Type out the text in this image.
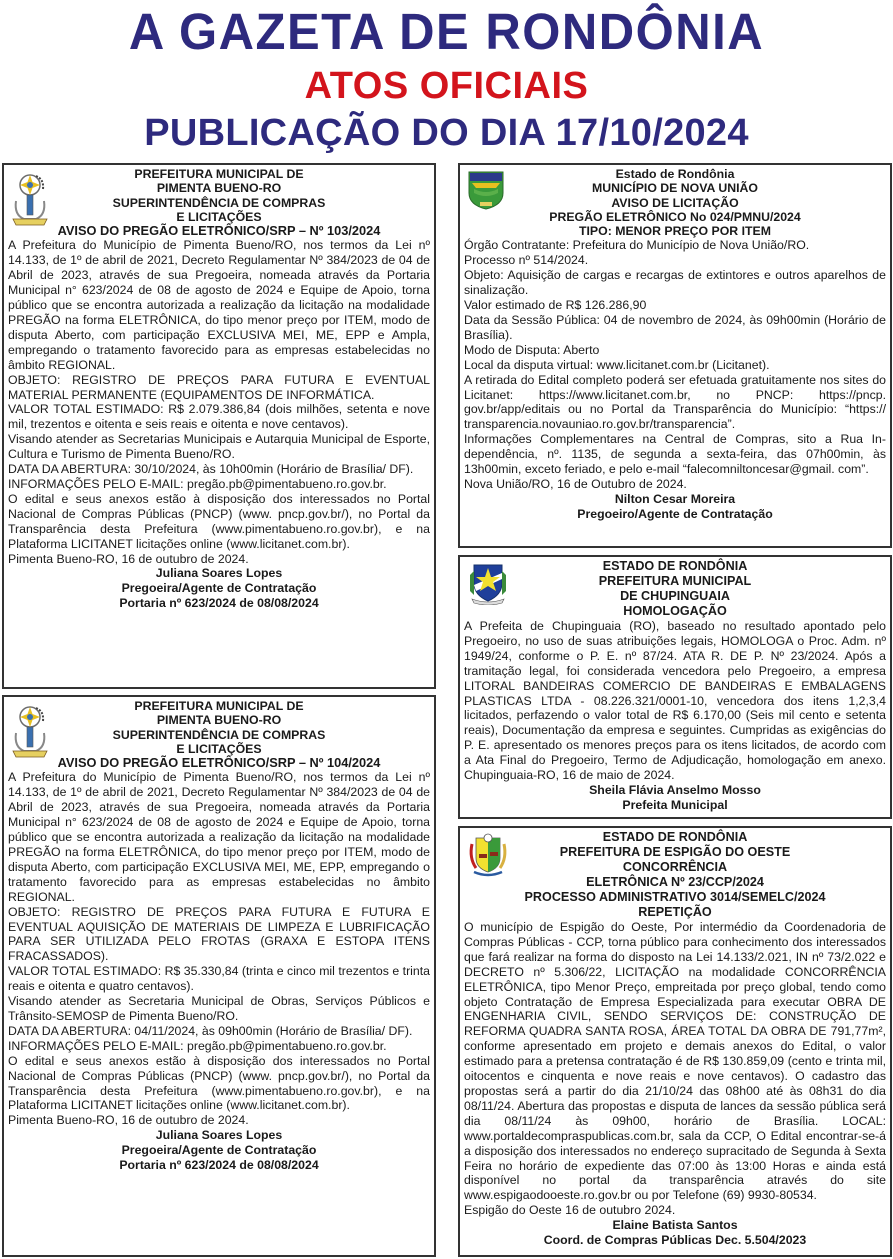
A GAZETA DE RONDÔNIA
ATOS OFICIAIS
PUBLICAÇÃO DO DIA 17/10/2024
PREFEITURA MUNICIPAL DE
PIMENTA BUENO-RO
SUPERINTENDÊNCIA DE COMPRAS
E LICITAÇÕES
AVISO DO PREGÃO ELETRÔNICO/SRP – Nº 103/2024

A Prefeitura do Município de Pimenta Bueno/RO, nos termos da Lei nº 14.133, de 1º de abril de 2021, Decreto Regulamentar Nº 384/2023 de 04 de Abril de 2023, através de sua Pregoeira, nomeada através da Portaria Municipal n° 623/2024 de 08 de agosto de 2024 e Equipe de Apoio, torna público que se encontra autorizada a realização da licitação na modalidade PREGÃO na forma ELETRÔNICA, do tipo menor preço por ITEM, modo de disputa Aberto, com participação EXCLUSIVA MEI, ME, EPP e Ampla, empregando o tratamento favorecido para as empresas estabelecidas no âmbito REGIONAL.

OBJETO: REGISTRO DE PREÇOS PARA FUTURA E EVENTUAL MATERIAL PERMANENTE (EQUIPAMENTOS DE INFORMÁTICA.

VALOR TOTAL ESTIMADO: R$ 2.079.386,84 (dois milhões, setenta e nove mil, trezentos e oitenta e seis reais e oitenta e nove centavos).

Visando atender as Secretarias Municipais e Autarquia Municipal de Esporte, Cultura e Turismo de Pimenta Bueno/RO.

DATA DA ABERTURA: 30/10/2024, às 10h00min (Horário de Brasília/ DF).

INFORMAÇÕES PELO E-MAIL: pregão.pb@pimentabueno.ro.gov.br.

O edital e seus anexos estão à disposição dos interessados no Portal Nacional de Compras Públicas (PNCP) (www. pncp.gov.br/), no Portal da Transparência desta Prefeitura (www.pimentabueno.ro.gov.br), e na Plataforma LICITANET licitações online (www.licitanet.com.br).

Pimenta Bueno-RO, 16 de outubro de 2024.

Juliana Soares Lopes
Pregoeira/Agente de Contratação
Portaria nº 623/2024 de 08/08/2024
PREFEITURA MUNICIPAL DE
PIMENTA BUENO-RO
SUPERINTENDÊNCIA DE COMPRAS
E LICITAÇÕES
AVISO DO PREGÃO ELETRÔNICO/SRP – Nº 104/2024

A Prefeitura do Município de Pimenta Bueno/RO, nos termos da Lei nº 14.133, de 1º de abril de 2021, Decreto Regulamentar Nº 384/2023 de 04 de Abril de 2023, através de sua Pregoeira, nomeada através da Portaria Municipal n° 623/2024 de 08 de agosto de 2024 e Equipe de Apoio, torna público que se encontra autorizada a realização da licitação na modalidade PREGÃO na forma ELETRÔNICA, do tipo menor preço por ITEM, modo de disputa Aberto, com participação EXCLUSIVA MEI, ME, EPP, empregando o tratamento favorecido para as empresas estabelecidas no âmbito REGIONAL.

OBJETO: REGISTRO DE PREÇOS PARA FUTURA E FUTURA E EVENTUAL AQUISIÇÃO DE MATERIAIS DE LIMPEZA E LUBRIFICAÇÃO PARA SER UTILIZADA PELO FROTAS (GRAXA E ESTOPA ITENS FRACASSADOS).

VALOR TOTAL ESTIMADO: R$ 35.330,84 (trinta e cinco mil trezentos e trinta reais e oitenta e quatro centavos).

Visando atender as Secretaria Municipal de Obras, Serviços Públicos e Trânsito-SEMOSP de Pimenta Bueno/RO.

DATA DA ABERTURA: 04/11/2024, às 09h00min (Horário de Brasília/ DF).

INFORMAÇÕES PELO E-MAIL: pregão.pb@pimentabueno.ro.gov.br.

O edital e seus anexos estão à disposição dos interessados no Portal Nacional de Compras Públicas (PNCP) (www. pncp.gov.br/), no Portal da Transparência desta Prefeitura (www.pimentabueno.ro.gov.br), e na Plataforma LICITANET licitações online (www.licitanet.com.br).

Pimenta Bueno-RO, 16 de outubro de 2024.

Juliana Soares Lopes
Pregoeira/Agente de Contratação
Portaria nº 623/2024 de 08/08/2024
Estado de Rondônia
MUNICÍPIO DE NOVA UNIÃO
AVISO DE LICITAÇÃO
PREGÃO ELETRÔNICO No 024/PMNU/2024
TIPO: MENOR PREÇO POR ITEM

Órgão Contratante: Prefeitura do Município de Nova União/RO.

Processo nº 514/2024.

Objeto: Aquisição de cargas e recargas de extintores e outros aparelhos de sinalização.

Valor estimado de R$ 126.286,90

Data da Sessão Pública: 04 de novembro de 2024, às 09h00min (Horário de Brasília).

Modo de Disputa: Aberto

Local da disputa virtual: www.licitanet.com.br (Licitanet).

A retirada do Edital completo poderá ser efetuada gratuitamente nos sites do Licitanet: https://www.licitanet.com.br, no PNCP: https://pncp. gov.br/app/editais ou no Portal da Transparência do Município: “https:// transparencia.novauniao.ro.gov.br/transparencia”.

Informações Complementares na Central de Compras, sito a Rua Independência, nº. 1135, de segunda a sexta-feira, das 07h00min, às 13h00min, exceto feriado, e pelo e-mail “falecomniltoncesar@gmail. com”.

Nova União/RO, 16 de Outubro de 2024.

Nilton Cesar Moreira
Pregoeiro/Agente de Contratação
ESTADO DE RONDÔNIA
PREFEITURA MUNICIPAL
DE CHUPINGUAIA
HOMOLOGAÇÃO

A Prefeita de Chupinguaia (RO), baseado no resultado apontado pelo Pregoeiro, no uso de suas atribuições legais, HOMOLOGA o Proc. Adm. nº 1949/24, conforme o P. E. nº 87/24. ATA R. DE P. Nº 23/2024. Após a tramitação legal, foi considerada vencedora pelo Pregoeiro, a empresa LITORAL BANDEIRAS COMERCIO DE BANDEIRAS E EMBALAGENS PLASTICAS LTDA - 08.226.321/0001-10, vencedora dos itens 1,2,3,4 licitados, perfazendo o valor total de R$ 6.170,00 (Seis mil cento e setenta reais), Documentação da empresa e seguintes. Cumpridas as exigências do P. E. apresentado os menores preços para os itens licitados, de acordo com a Ata Final do Pregoeiro, Termo de Adjudicação, homologação em anexo. Chupinguaia-RO, 16 de maio de 2024.

Sheila Flávia Anselmo Mosso
Prefeita Municipal
ESTADO DE RONDÔNIA
PREFEITURA DE ESPIGÃO DO OESTE
CONCORRÊNCIA
ELETRÔNICA Nº 23/CCP/2024
PROCESSO ADMINISTRATIVO 3014/SEMELC/2024
REPETIÇÃO

O município de Espigão do Oeste, Por intermédio da Coordenadoria de Compras Públicas - CCP, torna público para conhecimento dos interessados que fará realizar na forma do disposto na Lei 14.133/2.021, IN nº 73/2.022 e DECRETO nº 5.306/22, LICITAÇÃO na modalidade CONCORRÊNCIA ELETRÔNICA, tipo Menor Preço, empreitada por preço global, tendo como objeto Contratação de Empresa Especializada para executar OBRA DE ENGENHARIA CIVIL, SENDO SERVIÇOS DE: CONSTRUÇÃO DE REFORMA QUADRA SANTA ROSA, ÁREA TOTAL DA OBRA DE 791,77m², conforme apresentado em projeto e demais anexos do Edital, o valor estimado para a pretensa contratação é de R$ 130.859,09 (cento e trinta mil, oitocentos e cinquenta e nove reais e nove centavos). O cadastro das propostas será a partir do dia 21/10/24 das 08h00 até às 08h31 do dia 08/11/24. Abertura das propostas e disputa de lances da sessão pública será dia 08/11/24 às 09h00, horário de Brasília. LOCAL: www.portaldecompraspublicas.com.br, sala da CCP, O Edital encontrar-se-á a disposição dos interessados no endereço supracitado de Segunda à Sexta Feira no horário de expediente das 07:00 às 13:00 Horas e ainda está disponível no portal da transparência através do site www.espigaodooeste.ro.gov.br ou por Telefone (69) 9930-80534.

Espigão do Oeste 16 de outubro 2024.

Elaine Batista Santos
Coord. de Compras Públicas Dec. 5.504/2023
